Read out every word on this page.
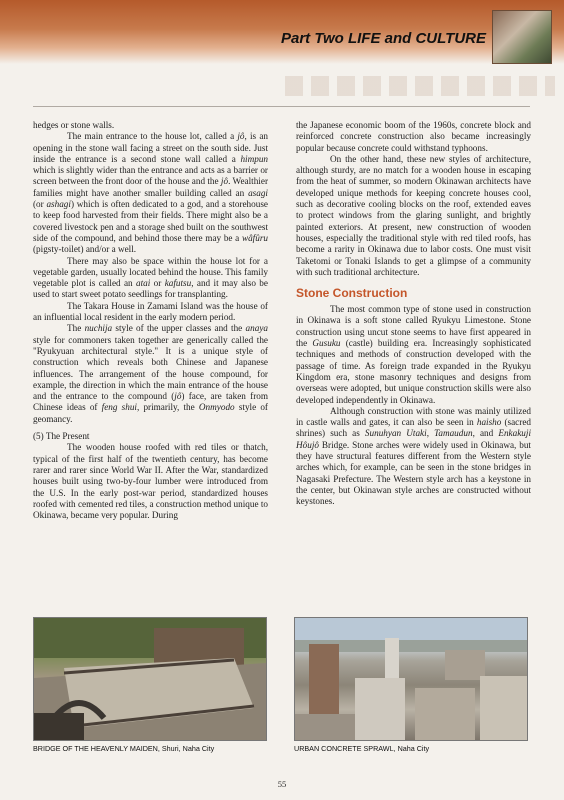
Part Two LIFE and CULTURE

hedges or stone walls.

The main entrance to the house lot, called a jô, is an opening in the stone wall facing a street on the south side. Just inside the entrance is a second stone wall called a himpun which is slightly wider than the entrance and acts as a barrier or screen between the front door of the house and the jô. Wealthier families might have another smaller building called an asagi (or ashagi) which is often dedicated to a god, and a storehouse to keep food harvested from their fields. There might also be a covered livestock pen and a storage shed built on the southwest side of the compound, and behind those there may be a wâfûru (pigsty-toilet) and/or a well.

There may also be space within the house lot for a vegetable garden, usually located behind the house. This family vegetable plot is called an atai or kafutsu, and it may also be used to start sweet potato seedlings for transplanting.

The Takara House in Zamami Island was the house of an influential local resident in the early modern period.

The nuchija style of the upper classes and the anaya style for commoners taken together are generically called the "Ryukyuan architectural style." It is a unique style of construction which reveals both Chinese and Japanese influences. The arrangement of the house compound, for example, the direction in which the main entrance of the house and the entrance to the compound (jô) face, are taken from Chinese ideas of feng shui, primarily, the Onmyodo style of geomancy.

(5) The Present

The wooden house roofed with red tiles or thatch, typical of the first half of the twentieth century, has become rarer and rarer since World War II. After the War, standardized houses built using two-by-four lumber were introduced from the U.S. In the early post-war period, standardized houses roofed with cemented red tiles, a construction method unique to Okinawa, became very popular. During

the Japanese economic boom of the 1960s, concrete block and reinforced concrete construction also became increasingly popular because concrete could withstand typhoons.

On the other hand, these new styles of architecture, although sturdy, are no match for a wooden house in escaping from the heat of summer, so modern Okinawan architects have developed unique methods for keeping concrete houses cool, such as decorative cooling blocks on the roof, extended eaves to protect windows from the glaring sunlight, and brightly painted exteriors. At present, new construction of wooden houses, especially the traditional style with red tiled roofs, has become a rarity in Okinawa due to labor costs. One must visit Taketomi or Tonaki Islands to get a glimpse of a community with such traditional architecture.

Stone Construction

The most common type of stone used in construction in Okinawa is a soft stone called Ryukyu Limestone. Stone construction using uncut stone seems to have first appeared in the Gusuku (castle) building era. Increasingly sophisticated techniques and methods of construction developed with the passage of time. As foreign trade expanded in the Ryukyu Kingdom era, stone masonry techniques and designs from overseas were adopted, but unique construction skills were also developed independently in Okinawa.

Although construction with stone was mainly utilized in castle walls and gates, it can also be seen in haisho (sacred shrines) such as Sunuhyan Utaki, Tamaudun, and Enkakuji Hôujô Bridge. Stone arches were widely used in Okinawa, but they have structural features different from the Western style arches which, for example, can be seen in the stone bridges in Nagasaki Prefecture. The Western style arch has a keystone in the center, but Okinawan style arches are constructed without keystones.

BRIDGE OF THE HEAVENLY MAIDEN, Shuri, Naha City	URBAN CONCRETE SPRAWL, Naha City
55
